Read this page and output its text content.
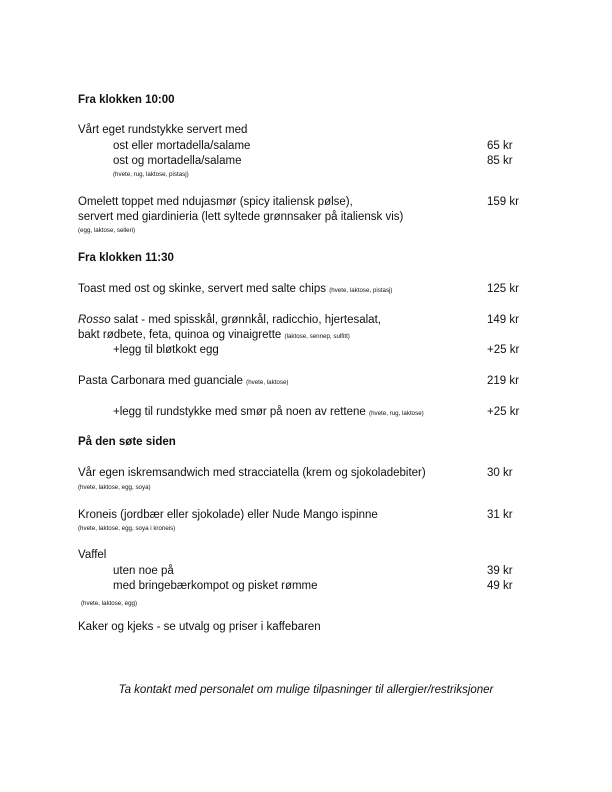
Fra klokken 10:00
Vårt eget rundstykke servert med
ost eller mortadella/salame	65 kr
ost og mortadella/salame	85 kr
(hvete, rug, laktose, pistasj)
Omelett toppet med ndujasmør (spicy italiensk pølse),	159 kr
servert med giardinieria (lett syltede grønnsaker på italiensk vis)
(egg, laktose, selleri)
Fra klokken 11:30
Toast med ost og skinke, servert med salte chips (hvete, laktose, pistasj)	125 kr
Rosso salat - med spisskål, grønnkål, radicchio, hjertesalat,	149 kr
bakt rødbete, feta, quinoa og vinaigrette (laktose, sennep, sulfitt)
+legg til bløtkokt egg	+25 kr
Pasta Carbonara med guanciale (hvete, laktose)	219 kr
+legg til rundstykke med smør på noen av rettene (hvete, rug, laktose)	+25 kr
På den søte siden
Vår egen iskremsandwich med stracciatella (krem og sjokoladebiter)	30 kr
(hvete, laktose, egg, soya)
Kroneis (jordbær eller sjokolade) eller Nude Mango ispinne	31 kr
(hvete, laktose, egg, soya i kroneis)
Vaffel
uten noe på	39 kr
med bringebærkompot og pisket rømme	49 kr
(hvete, laktose, egg)
Kaker og kjeks - se utvalg og priser i kaffebaren
Ta kontakt med personalet om mulige tilpasninger til allergier/restriksjoner
